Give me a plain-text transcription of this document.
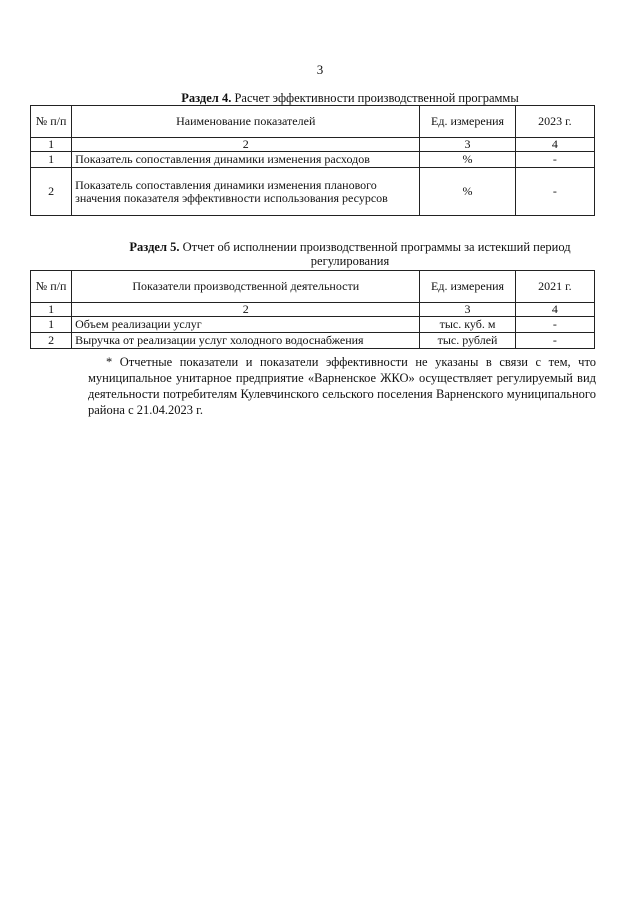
3
Раздел 4. Расчет эффективности производственной программы
№ п/п	Наименование показателей	Ед. измерения	2023 г.
1	2	3	4
1	Показатель сопоставления динамики изменения расходов	%	-
2	Показатель сопоставления динамики изменения планового значения показателя эффективности использования ресурсов	%	-
Раздел 5. Отчет об исполнении производственной программы за истекший период регулирования
№ п/п	Показатели производственной деятельности	Ед. измерения	2021 г.
1	2	3	4
1	Объем реализации услуг	тыс. куб. м	-
2	Выручка от реализации услуг холодного водоснабжения	тыс. рублей	-
* Отчетные показатели и показатели эффективности не указаны в связи с тем, что муниципальное унитарное предприятие «Варненское ЖКО» осуществляет регулируемый вид деятельности потребителям Кулевчинского сельского поселения Варненского муниципального района с 21.04.2023 г.
